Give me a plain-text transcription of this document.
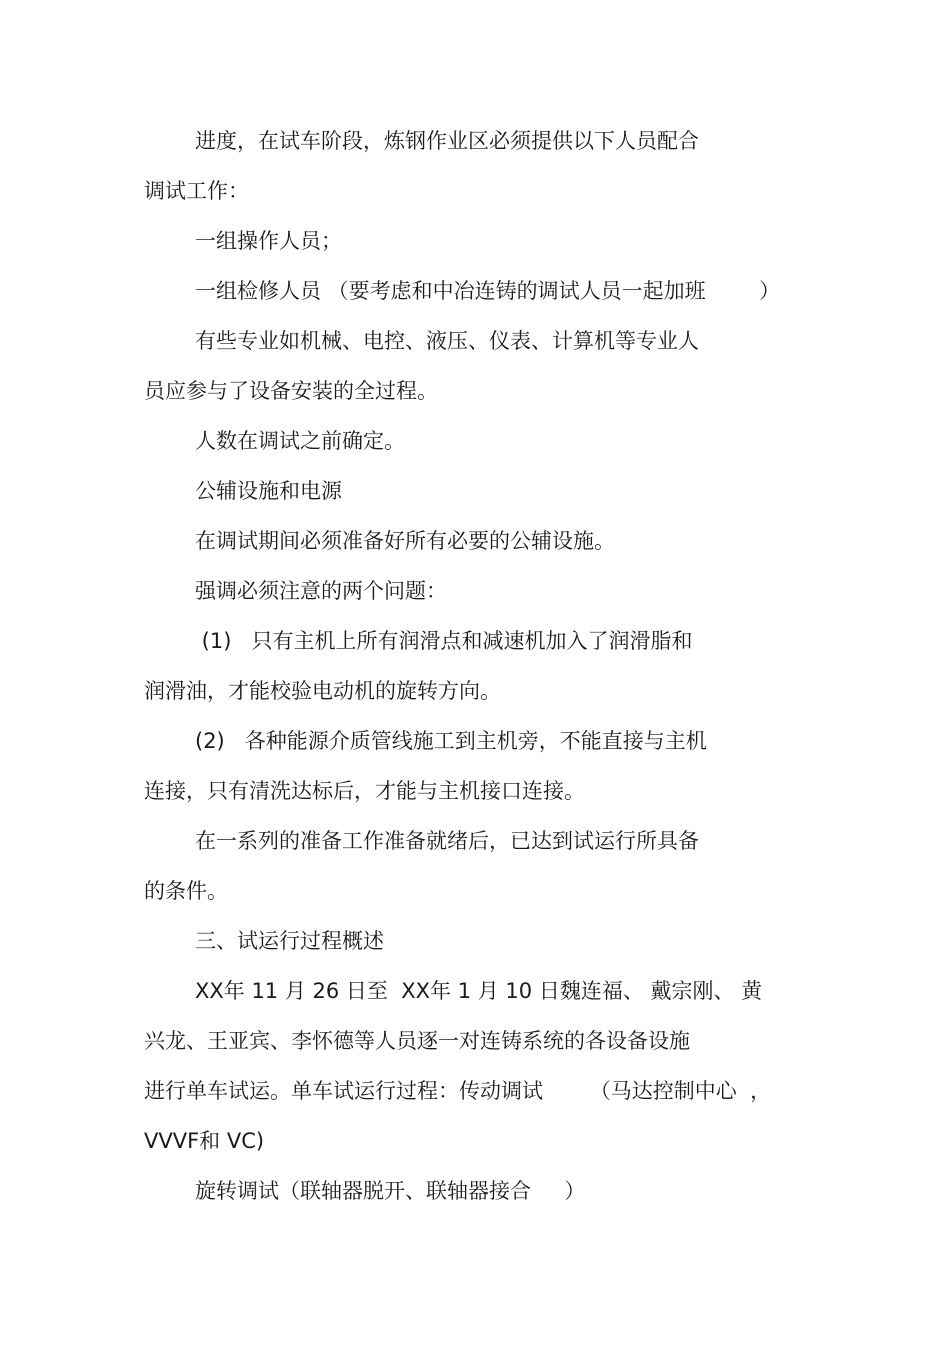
进度，在试车阶段，炼钢作业区必须提供以下人员配合
调试工作：
一组操作人员；
一组检修人员 （要考虑和中冶连铸的调试人员一起加班        ）
有些专业如机械、电控、液压、仪表、计算机等专业人
员应参与了设备安装的全过程。
人数在调试之前确定。
公辅设施和电源
在调试期间必须准备好所有必要的公辅设施。
强调必须注意的两个问题：
(1)   只有主机上所有润滑点和减速机加入了润滑脂和
润滑油，才能校验电动机的旋转方向。
(2)   各种能源介质管线施工到主机旁，不能直接与主机
连接，只有清洗达标后，才能与主机接口连接。
在一系列的准备工作准备就绪后，已达到试运行所具备
的条件。
三、试运行过程概述
XX年 11 月 26 日至  XX年 1 月 10 日魏连福、 戴宗刚、 黄
兴龙、王亚宾、李怀德等人员逐一对连铸系统的各设备设施
进行单车试运。单车试运行过程：传动调试       （马达控制中心  ，
VVVF和 VC)
旋转调试（联轴器脱开、联轴器接合     ）
